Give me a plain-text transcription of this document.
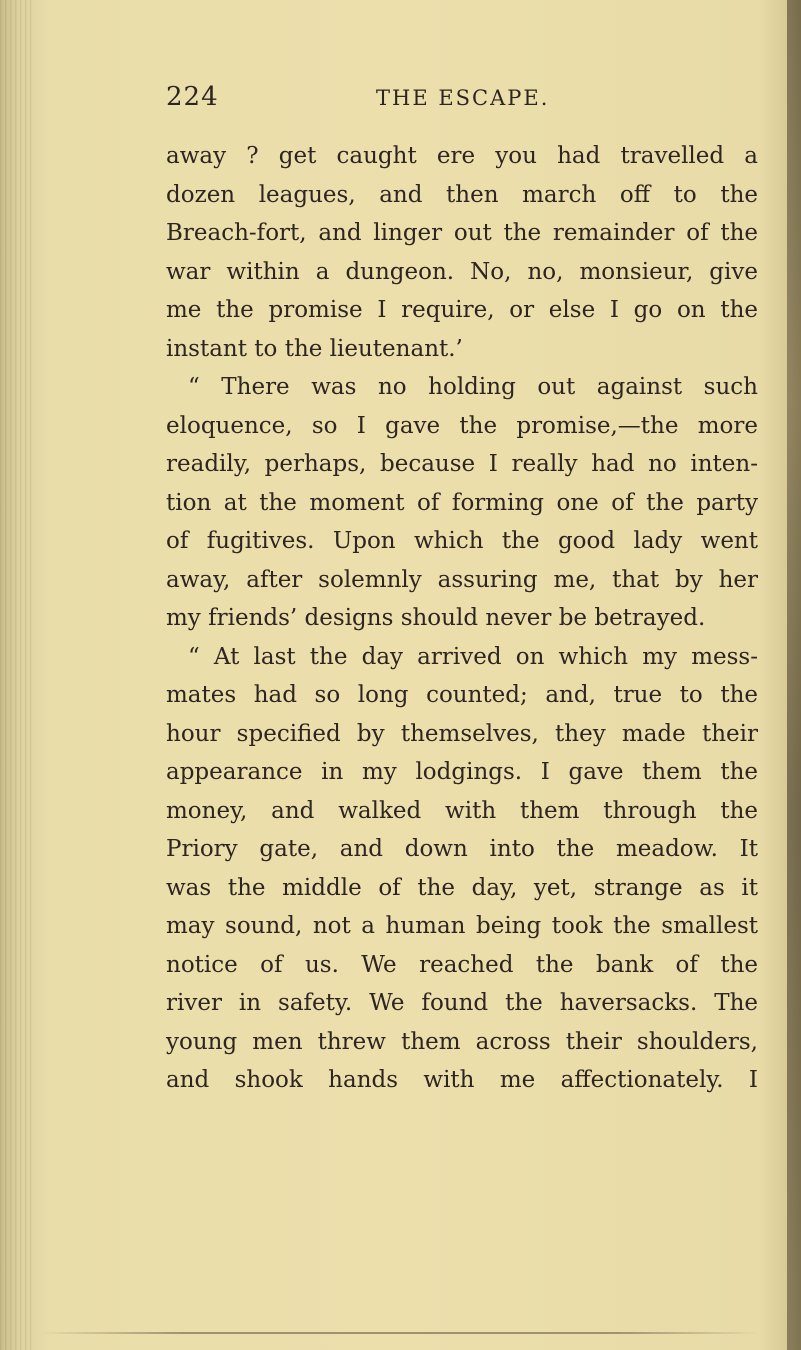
224	THE ESCAPE.
away ? get caught ere you had travelled a
dozen leagues, and then march off to the
Breach-fort, and linger out the remainder of the
war within a dungeon. No, no, monsieur, give
me the promise I require, or else I go on the
instant to the lieutenant.’
“ There was no holding out against such
eloquence, so I gave the promise,—the more
readily, perhaps, because I really had no inten-
tion at the moment of forming one of the party
of fugitives. Upon which the good lady went
away, after solemnly assuring me, that by her
my friends’ designs should never be betrayed.
“ At last the day arrived on which my mess-
mates had so long counted; and, true to the
hour specified by themselves, they made their
appearance in my lodgings. I gave them the
money, and walked with them through the
Priory gate, and down into the meadow. It
was the middle of the day, yet, strange as it
may sound, not a human being took the smallest
notice of us. We reached the bank of the
river in safety. We found the haversacks. The
young men threw them across their shoulders,
and shook hands with me affectionately. I
